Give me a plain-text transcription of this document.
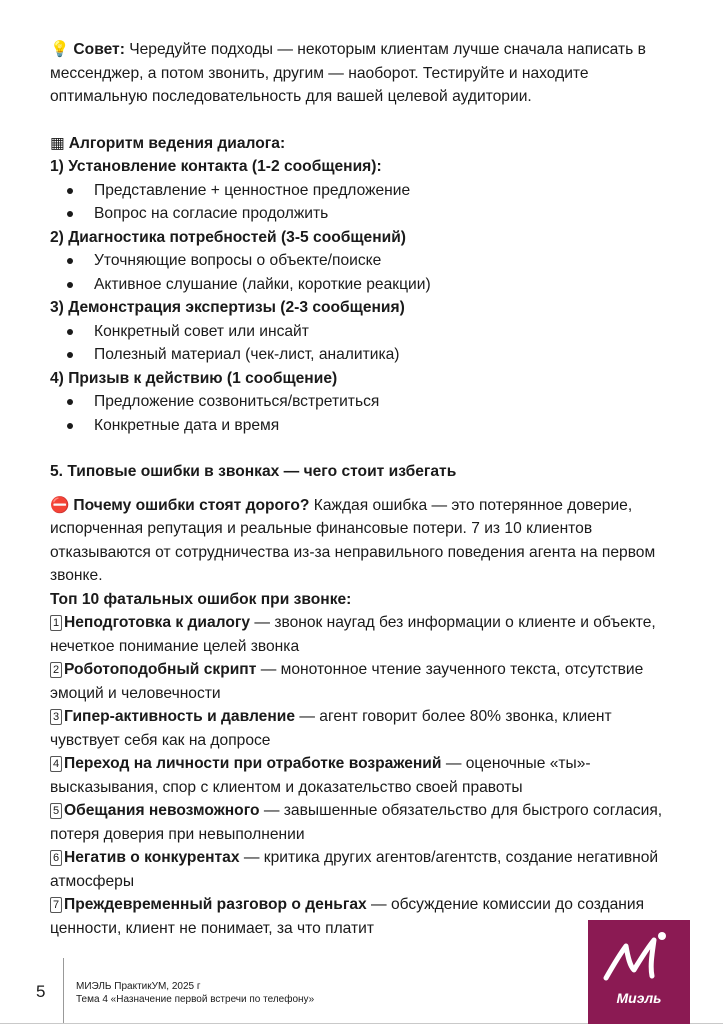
💡 Совет: Чередуйте подходы — некоторым клиентам лучше сначала написать в мессенджер, а потом звонить, другим — наоборот. Тестируйте и находите оптимальную последовательность для вашей целевой аудитории.
▦ Алгоритм ведения диалога:
1) Установление контакта (1-2 сообщения):
Представление + ценностное предложение
Вопрос на согласие продолжить
2) Диагностика потребностей (3-5 сообщений)
Уточняющие вопросы о объекте/поиске
Активное слушание (лайки, короткие реакции)
3) Демонстрация экспертизы (2-3 сообщения)
Конкретный совет или инсайт
Полезный материал (чек-лист, аналитика)
4) Призыв к действию (1 сообщение)
Предложение созвониться/встретиться
Конкретные дата и время
5. Типовые ошибки в звонках — чего стоит избегать
⛔ Почему ошибки стоят дорого? Каждая ошибка — это потерянное доверие, испорченная репутация и реальные финансовые потери. 7 из 10 клиентов отказываются от сотрудничества из-за неправильного поведения агента на первом звонке.
Топ 10 фатальных ошибок при звонке:
1 Неподготовка к диалогу — звонок наугад без информации о клиенте и объекте, нечеткое понимание целей звонка
2 Роботоподобный скрипт — монотонное чтение заученного текста, отсутствие эмоций и человечности
3 Гипер-активность и давление — агент говорит более 80% звонка, клиент чувствует себя как на допросе
4 Переход на личности при отработке возражений — оценочные «ты»-высказывания, спор с клиентом и доказательство своей правоты
5 Обещания невозможного — завышенные обязательство для быстрого согласия, потеря доверия при невыполнении
6 Негатив о конкурентах — критика других агентов/агентств, создание негативной атмосферы
7 Преждевременный разговор о деньгах — обсуждение комиссии до создания ценности, клиент не понимает, за что платит
5	МИЭЛЬ ПрактикУМ, 2025 г
Тема 4 «Назначение первой встречи по телефону»	Миэль
